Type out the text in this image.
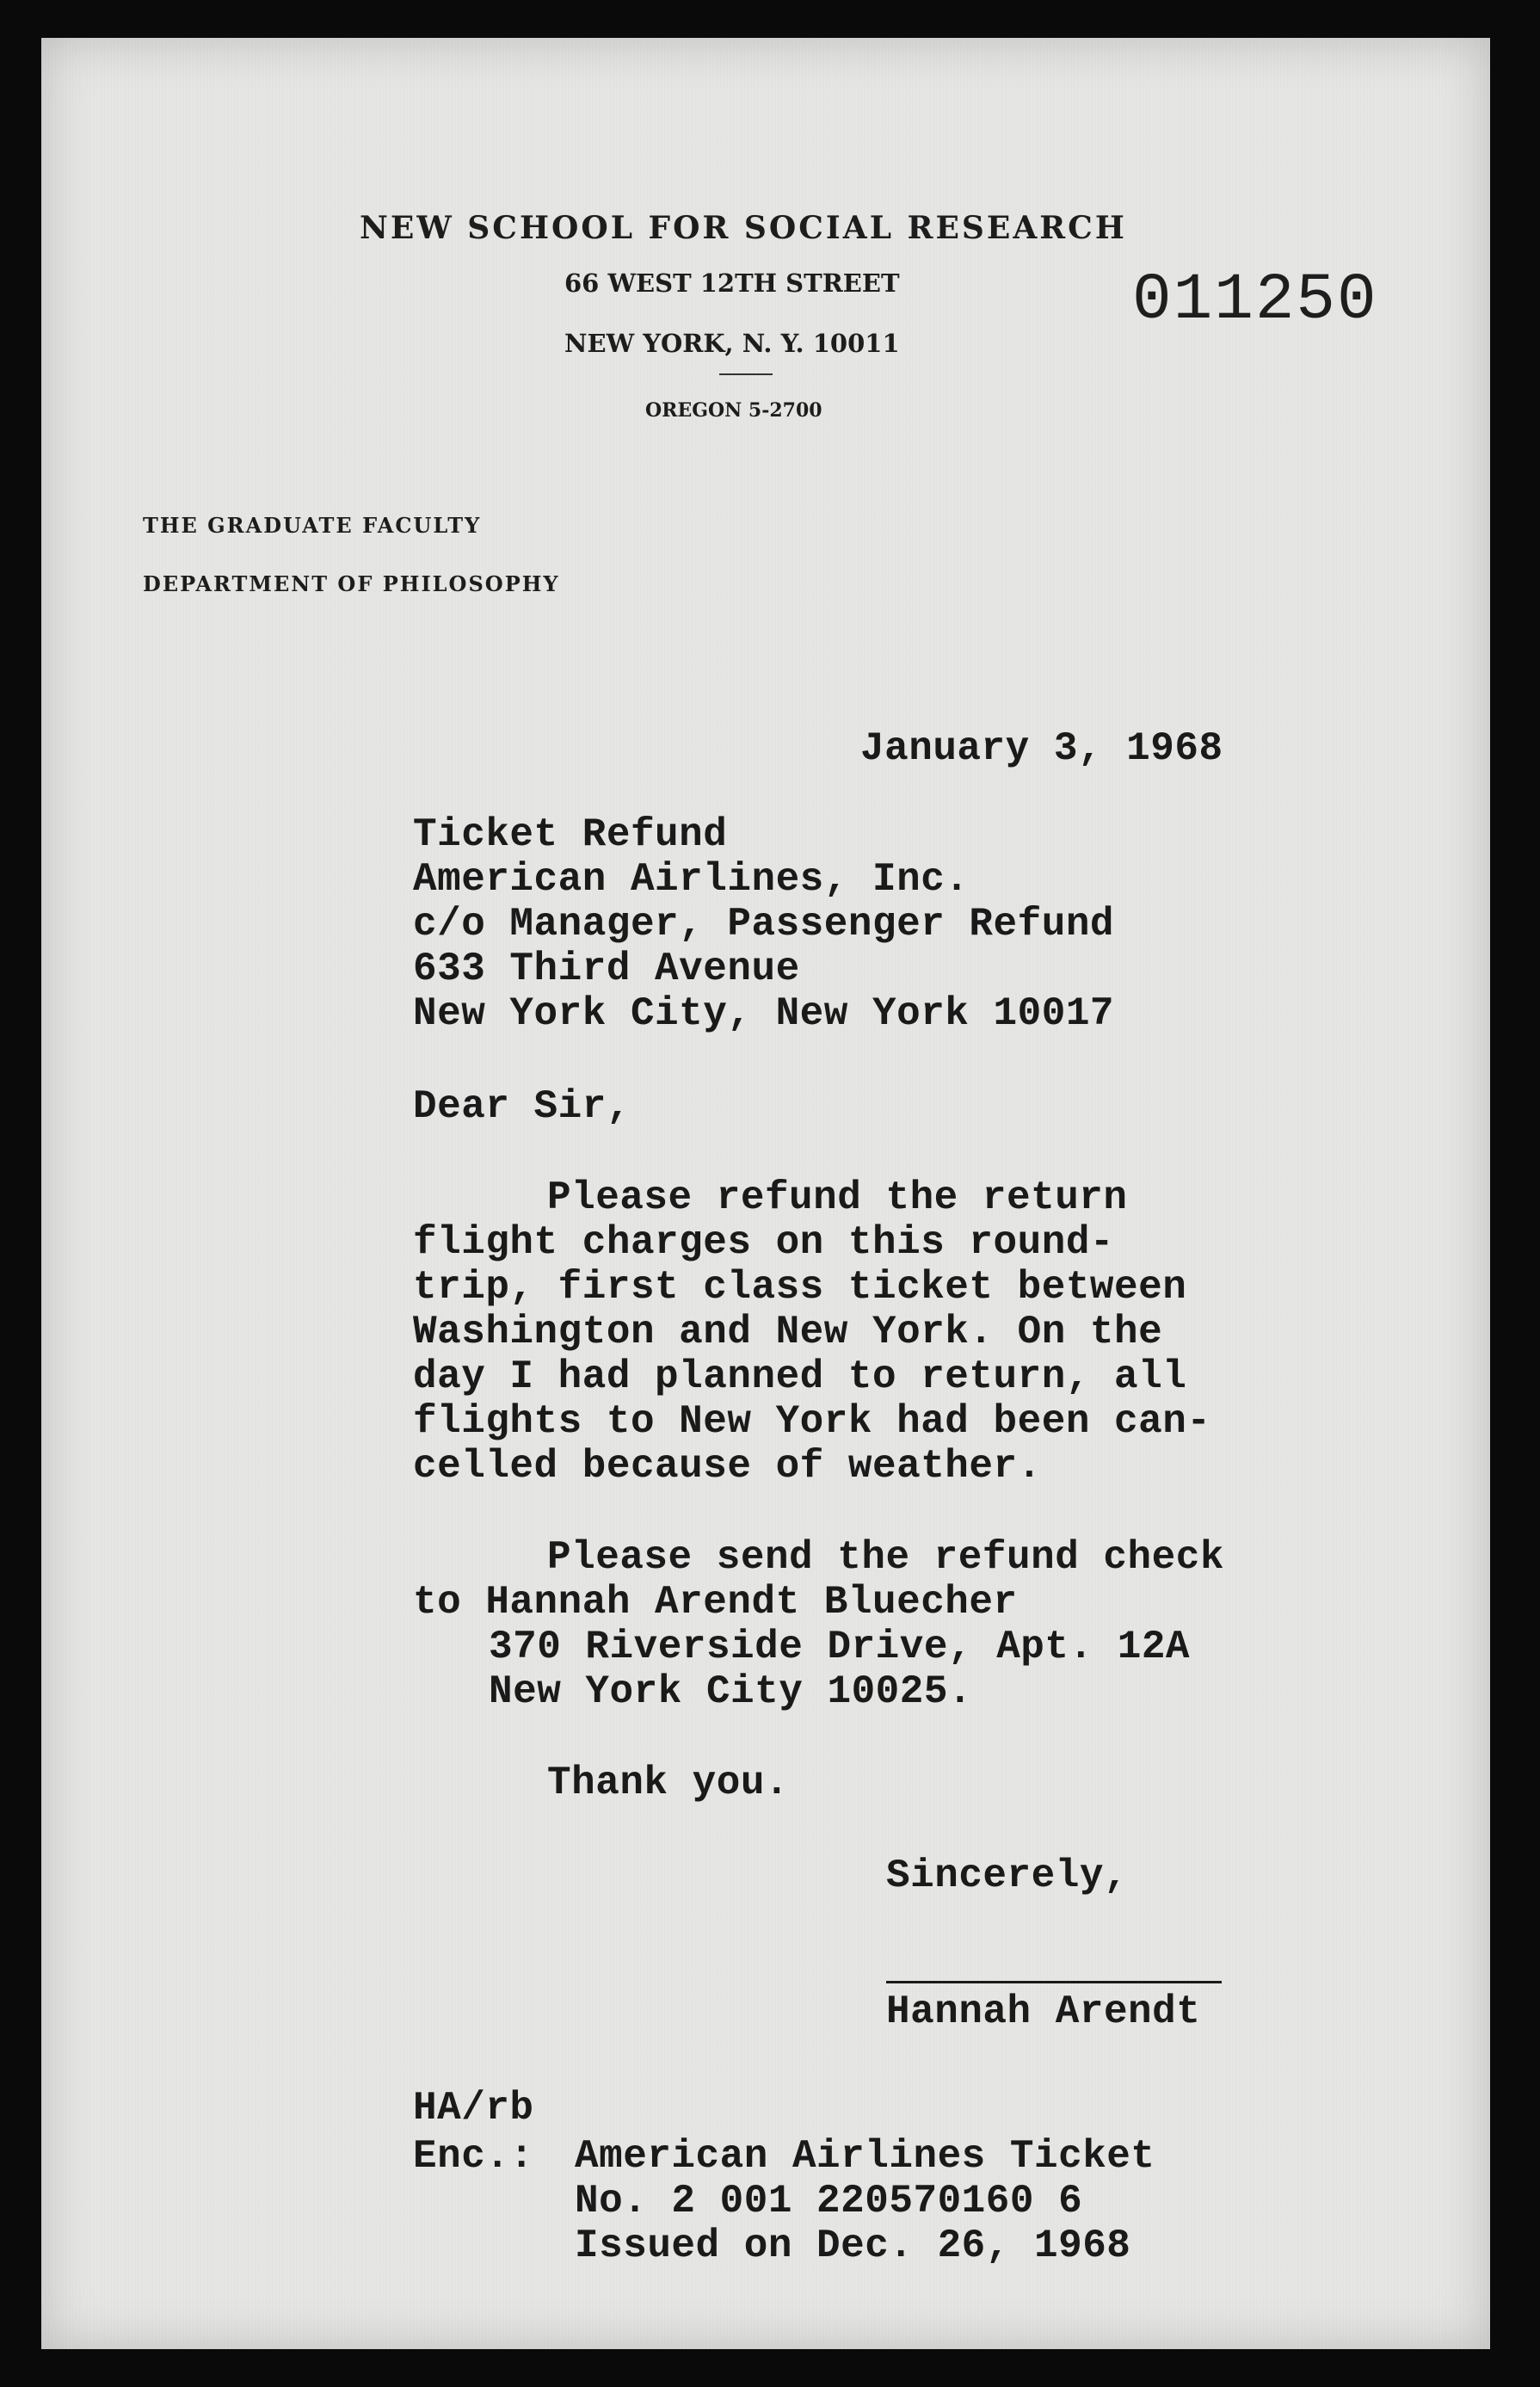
NEW SCHOOL FOR SOCIAL RESEARCH
66 WEST 12TH STREET
NEW YORK, N. Y. 10011
OREGON 5-2700
THE GRADUATE FACULTY
DEPARTMENT OF PHILOSOPHY
011250
January 3, 1968
Ticket Refund
American Airlines, Inc.
c/o Manager, Passenger Refund
633 Third Avenue
New York City, New York 10017
Dear Sir,
Please refund the return
flight charges on this round-
trip, first class ticket between
Washington and New York. On the
day I had planned to return, all
flights to New York had been can-
celled because of weather.
Please send the refund check
to Hannah Arendt Bluecher
370 Riverside Drive, Apt. 12A
New York City 10025.
Thank you.
Sincerely,
Hannah Arendt
HA/rb
Enc.: American Airlines Ticket
No. 2 001 220570160 6
Issued on Dec. 26, 1968
